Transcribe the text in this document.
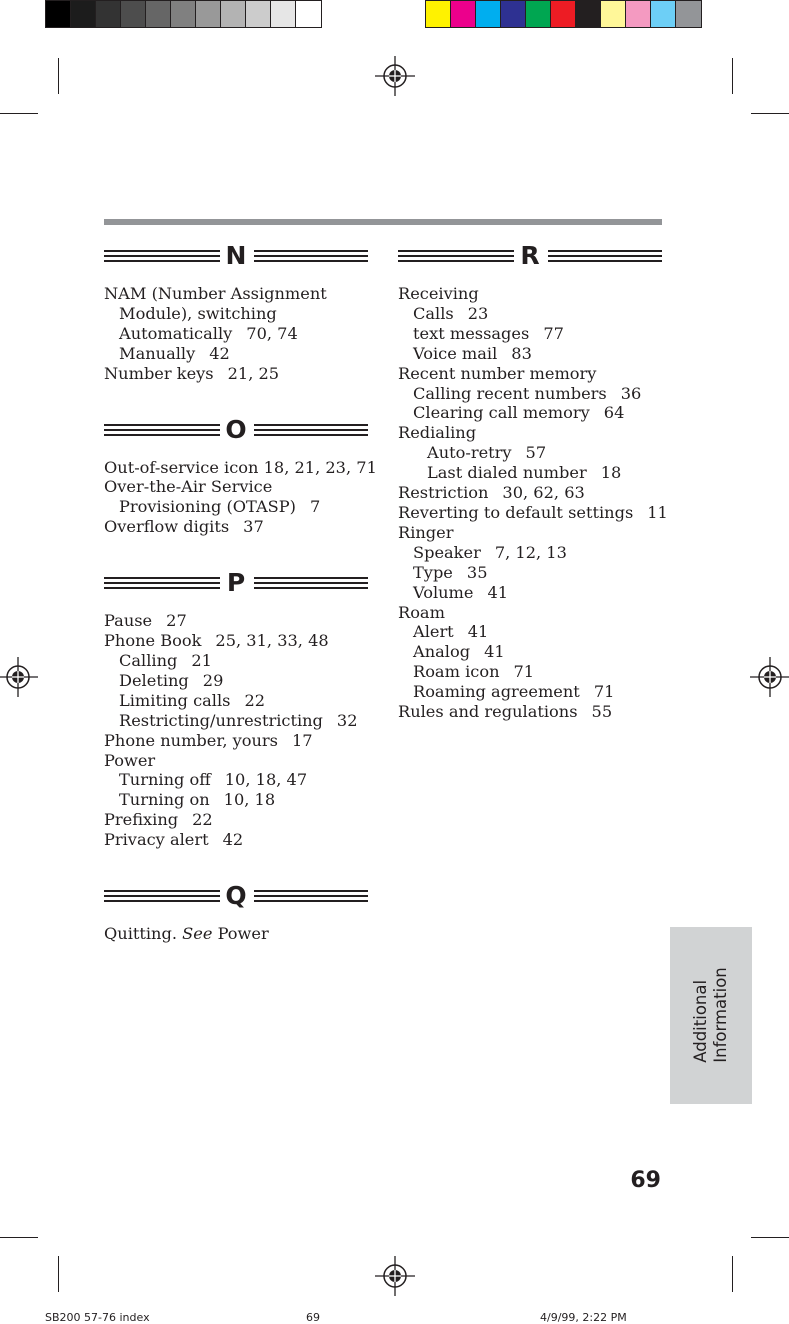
N
NAM (Number Assignment
Module), switching
Automatically 70, 74
Manually 42
Number keys 21, 25
O
Out-of-service icon 18, 21, 23, 71
Over-the-Air Service
Provisioning (OTASP) 7
Overflow digits 37
P
Pause 27
Phone Book 25, 31, 33, 48
Calling 21
Deleting 29
Limiting calls 22
Restricting/unrestricting 32
Phone number, yours 17
Power
Turning off 10, 18, 47
Turning on 10, 18
Prefixing 22
Privacy alert 42
Q
Quitting. See Power
R
Receiving
Calls 23
text messages 77
Voice mail 83
Recent number memory
Calling recent numbers 36
Clearing call memory 64
Redialing
Auto-retry 57
Last dialed number 18
Restriction 30, 62, 63
Reverting to default settings 11
Ringer
Speaker 7, 12, 13
Type 35
Volume 41
Roam
Alert 41
Analog 41
Roam icon 71
Roaming agreement 71
Rules and regulations 55
Additional
Information
69
SB200 57-76 index	69	4/9/99, 2:22 PM
